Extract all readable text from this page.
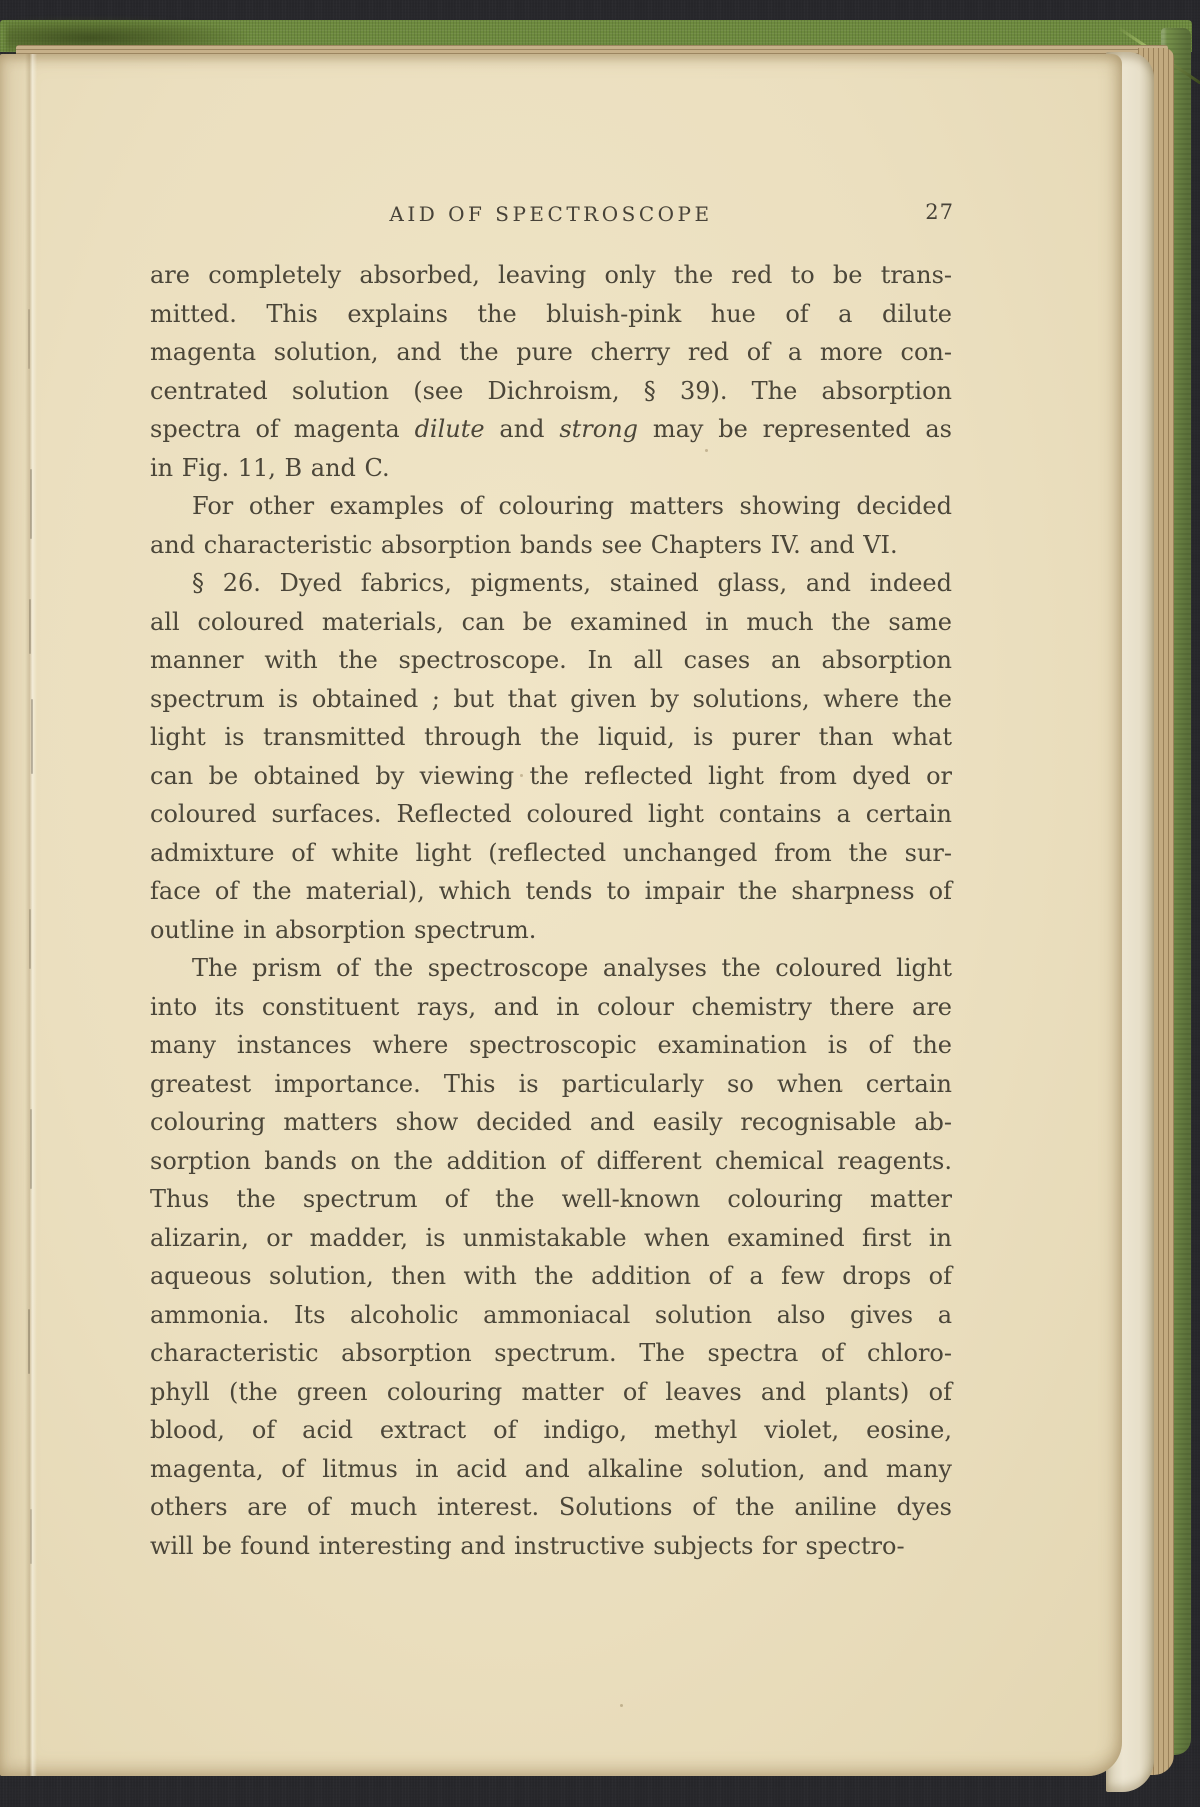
AID OF SPECTROSCOPE	27
are completely absorbed, leaving only the red to be trans-
mitted. This explains the bluish-pink hue of a dilute
magenta solution, and the pure cherry red of a more con-
centrated solution (see Dichroism, § 39). The absorption
spectra of magenta dilute and strong may be represented as
in Fig. 11, B and C.
For other examples of colouring matters showing decided
and characteristic absorption bands see Chapters IV. and VI.
§ 26. Dyed fabrics, pigments, stained glass, and indeed
all coloured materials, can be examined in much the same
manner with the spectroscope. In all cases an absorption
spectrum is obtained ; but that given by solutions, where the
light is transmitted through the liquid, is purer than what
can be obtained by viewing the reflected light from dyed or
coloured surfaces. Reflected coloured light contains a certain
admixture of white light (reflected unchanged from the sur-
face of the material), which tends to impair the sharpness of
outline in absorption spectrum.
The prism of the spectroscope analyses the coloured light
into its constituent rays, and in colour chemistry there are
many instances where spectroscopic examination is of the
greatest importance. This is particularly so when certain
colouring matters show decided and easily recognisable ab-
sorption bands on the addition of different chemical reagents.
Thus the spectrum of the well-known colouring matter
alizarin, or madder, is unmistakable when examined first in
aqueous solution, then with the addition of a few drops of
ammonia. Its alcoholic ammoniacal solution also gives a
characteristic absorption spectrum. The spectra of chloro-
phyll (the green colouring matter of leaves and plants) of
blood, of acid extract of indigo, methyl violet, eosine,
magenta, of litmus in acid and alkaline solution, and many
others are of much interest. Solutions of the aniline dyes
will be found interesting and instructive subjects for spectro-
